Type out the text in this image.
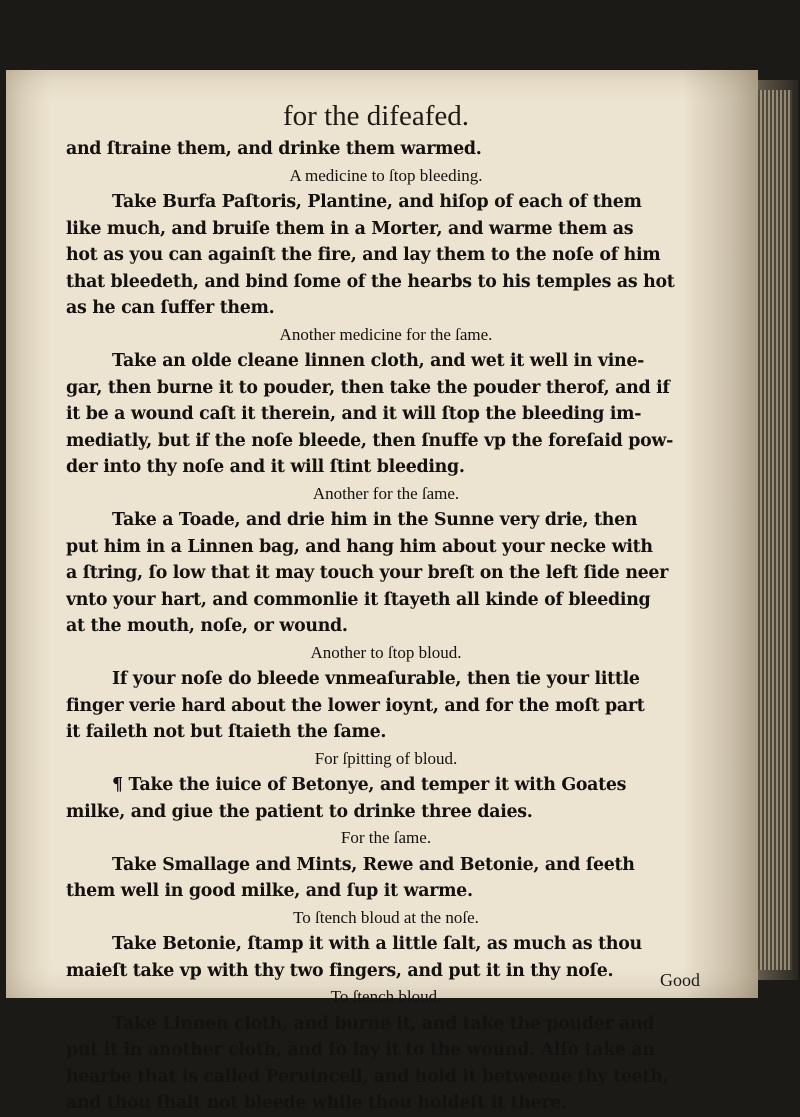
for the difeafed.
and ſtraine them, and drinke them warmed.
A medicine to ſtop bleeding.
Take Burfa Paſtoris, Plantine, and hiſop of each of them
like much, and bruiſe them in a Morter, and warme them as
hot as you can againſt the fire, and lay them to the noſe of him
that bleedeth, and bind ſome of the hearbs to his temples as hot
as he can ſuffer them.
Another medicine for the ſame.
Take an olde cleane linnen cloth, and wet it well in vine-
gar, then burne it to pouder, then take the pouder therof, and if
it be a wound caſt it therein, and it will ſtop the bleeding im-
mediatly, but if the noſe bleede, then ſnuffe vp the foreſaid pow-
der into thy noſe and it will ſtint bleeding.
Another for the ſame.
Take a Toade, and drie him in the Sunne very drie, then
put him in a Linnen bag, and hang him about your necke with
a ſtring, ſo low that it may touch your breſt on the left ſide neer
vnto your hart, and commonlie it ſtayeth all kinde of bleeding
at the mouth, noſe, or wound.
Another to ſtop bloud.
If your noſe do bleede vnmeaſurable, then tie your little
finger verie hard about the lower ioynt, and for the moſt part
it faileth not but ſtaieth the ſame.
For ſpitting of bloud.
¶ Take the iuice of Betonye, and temper it with Goates
milke, and giue the patient to drinke three daies.
For the ſame.
Take Smallage and Mints, Rewe and Betonie, and ſeeth
them well in good milke, and ſup it warme.
To ſtench bloud at the noſe.
Take Betonie, ſtamp it with a little ſalt, as much as thou
maieſt take vp with thy two fingers, and put it in thy noſe.
To ſtench bloud.
Take Linnen cloth, and burne it, and take the pouder and
put it in another cloth, and ſo lay it to the wound. Alſo take an
hearbe that is called Peruincell, and hold it betweene thy teeth,
and thou ſhalt not bleede while thou holdeſt it there.
Good
